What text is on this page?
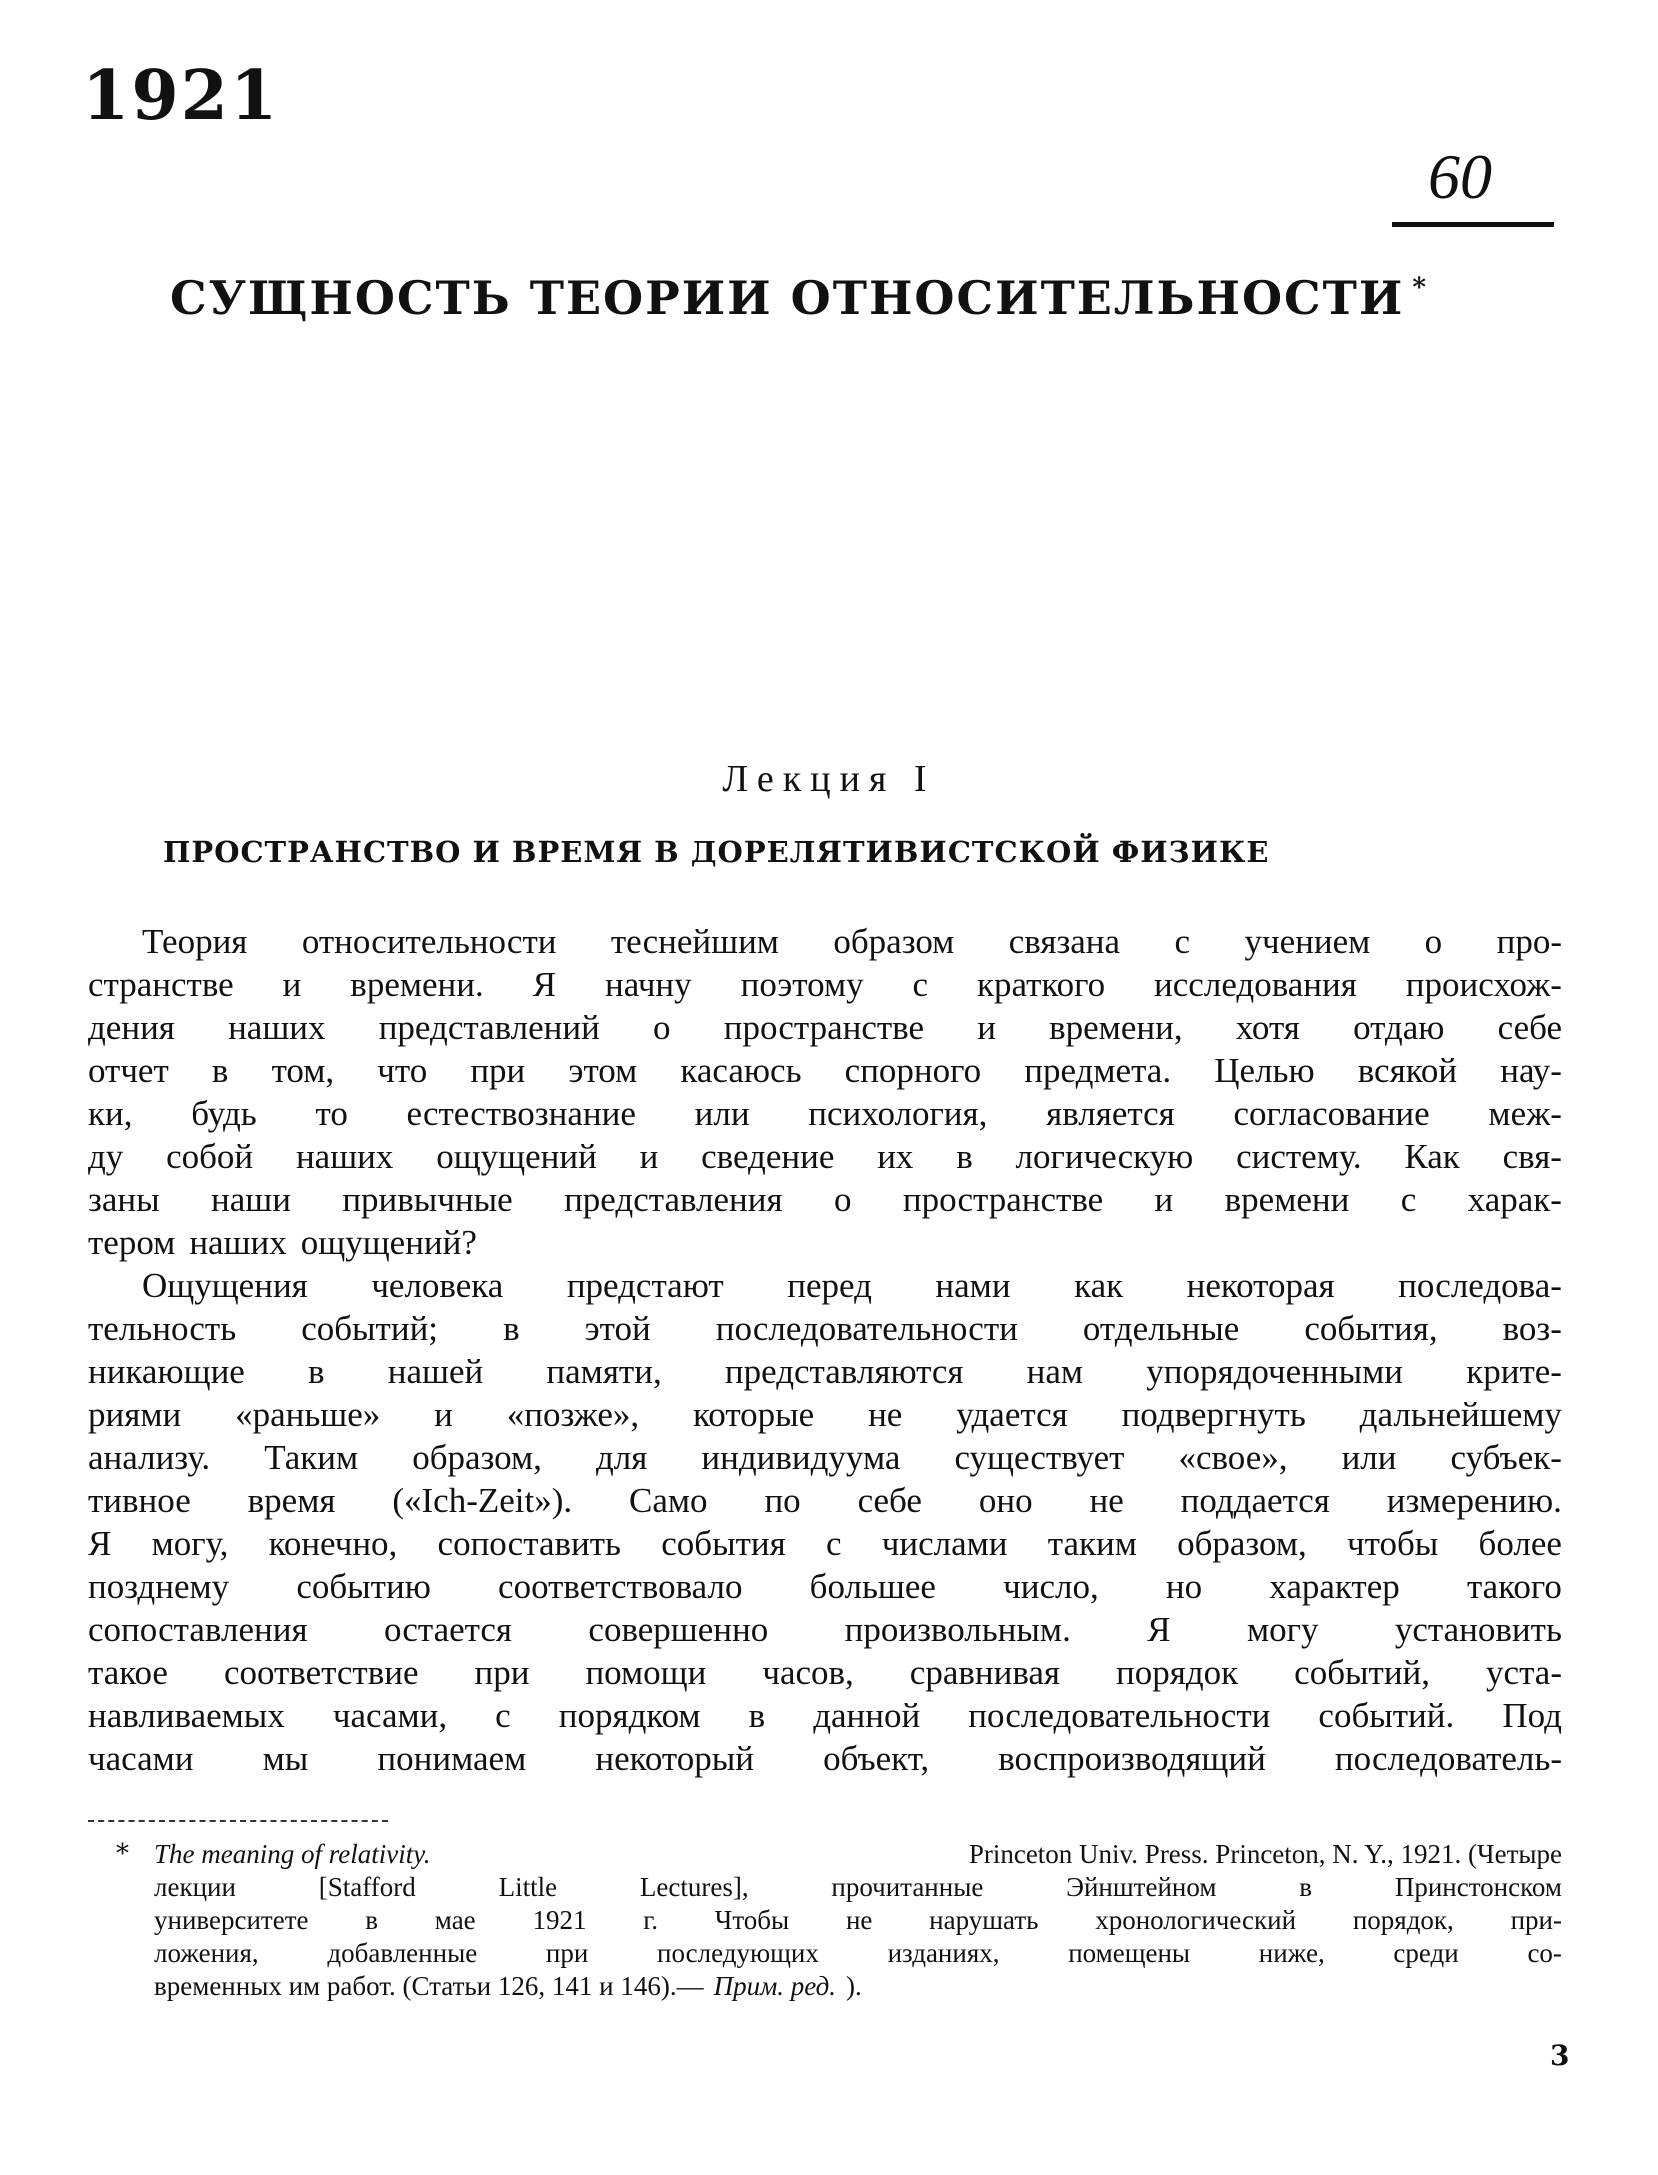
1921
60
СУЩНОСТЬ ТЕОРИИ ОТНОСИТЕЛЬНОСТИ *
Лекция I
ПРОСТРАНСТВО И ВРЕМЯ В ДОРЕЛЯТИВИСТСКОЙ ФИЗИКЕ
Теория относительности теснейшим образом связана с учением о про-
странстве и времени. Я начну поэтому с краткого исследования происхож-
дения наших представлений о пространстве и времени, хотя отдаю себе
отчет в том, что при этом касаюсь спорного предмета. Целью всякой нау-
ки, будь то естествознание или психология, является согласование меж-
ду собой наших ощущений и сведение их в логическую систему. Как свя-
заны наши привычные представления о пространстве и времени с харак-
тером наших ощущений?
Ощущения человека предстают перед нами как некоторая последова-
тельность событий; в этой последовательности отдельные события, воз-
никающие в нашей памяти, представляются нам упорядоченными крите-
риями «раньше» и «позже», которые не удается подвергнуть дальнейшему
анализу. Таким образом, для индивидуума существует «свое», или субъек-
тивное время («Ich-Zeit»). Само по себе оно не поддается измерению.
Я могу, конечно, сопоставить события с числами таким образом, чтобы более
позднему событию соответствовало большее число, но характер такого
сопоставления остается совершенно произвольным. Я могу установить
такое соответствие при помощи часов, сравнивая порядок событий, уста-
навливаемых часами, с порядком в данной последовательности событий. Под
часами мы понимаем некоторый объект, воспроизводящий последователь-
* The meaning of relativity.	Princeton Univ. Press. Princeton, N. Y., 1921. (Четыре
лекции	[Stafford	Little	Lectures],	прочитанные	Эйнштейном	в	Принстонском
университете в мае 1921 г. Чтобы не нарушать хронологический порядок, при-
ложения,	добавленные	при	последующих	изданиях,	помещены	ниже,	среди	со-
временных им работ. (Статьи 126, 141 и 146).— Прим. ред. ).
3
